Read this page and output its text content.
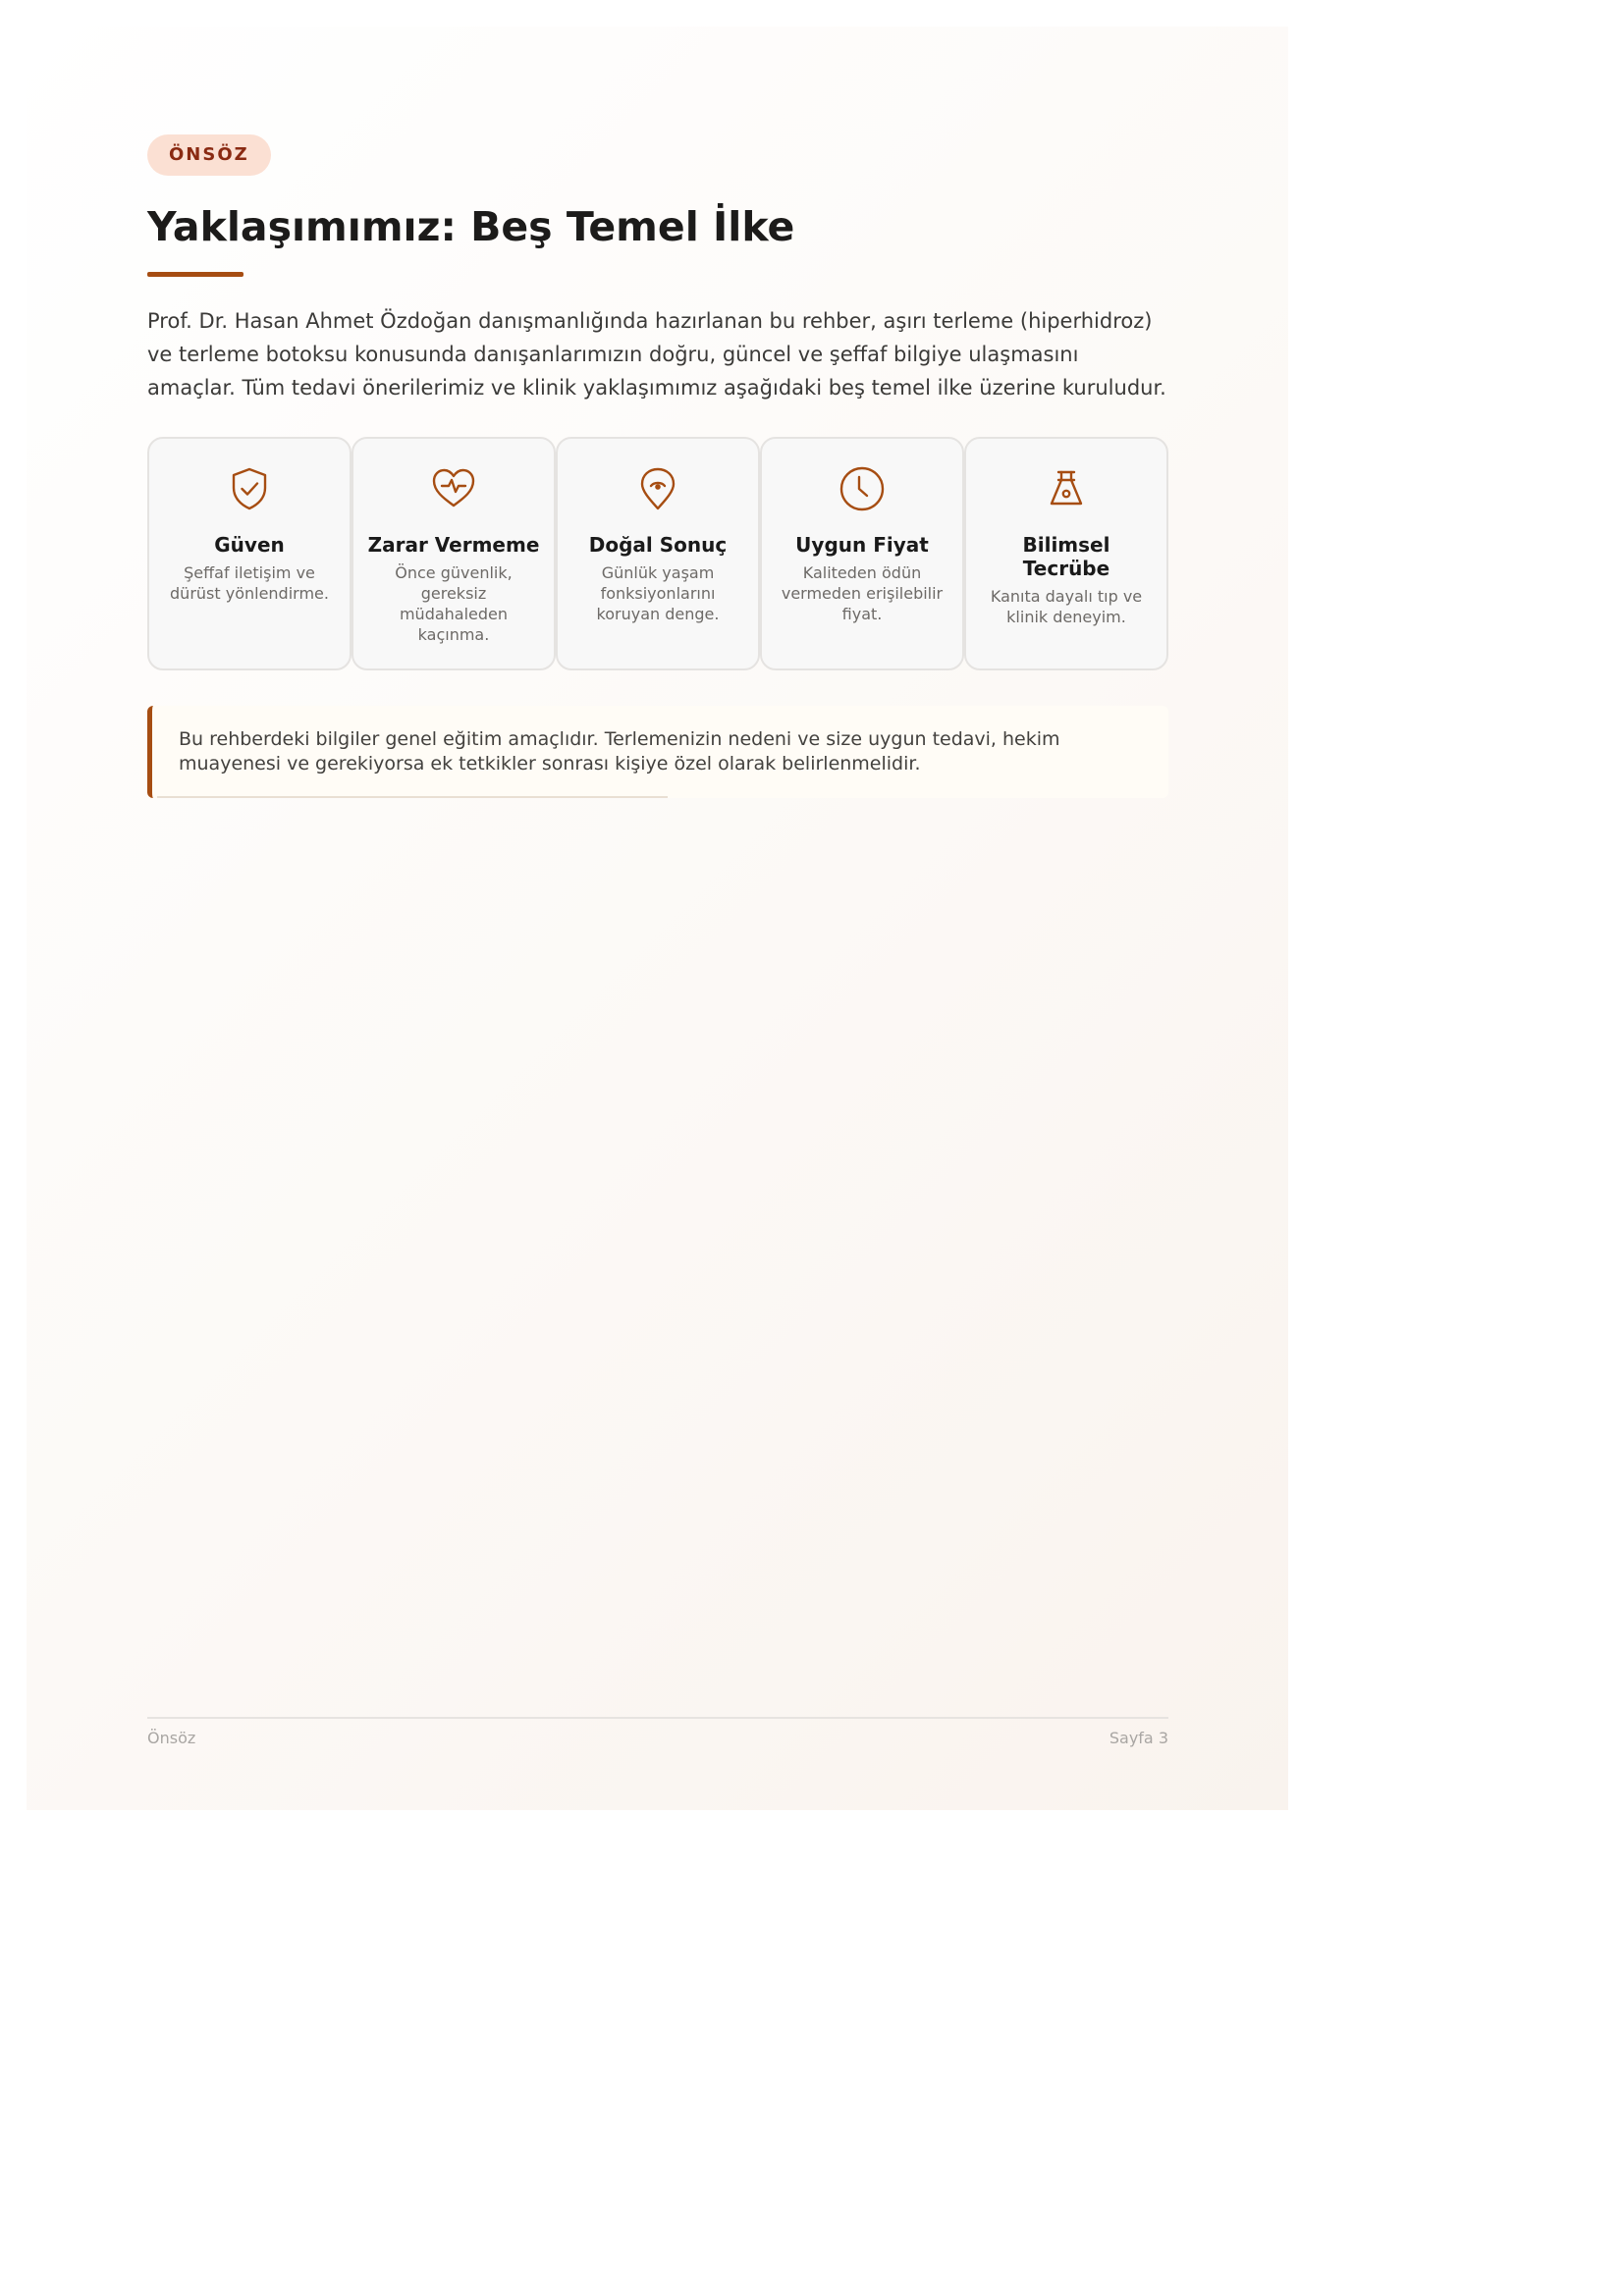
ÖNSÖZ
Yaklaşımımız: Beş Temel İlke

Prof. Dr. Hasan Ahmet Özdoğan danışmanlığında hazırlanan bu rehber, aşırı terleme (hiperhidroz) ve terleme botoksu konusunda danışanlarımızın doğru, güncel ve şeffaf bilgiye ulaşmasını amaçlar. Tüm tedavi önerilerimiz ve klinik yaklaşımımız aşağıdaki beş temel ilke üzerine kuruludur.

Güven
Şeffaf iletişim ve dürüst yönlendirme.
Zarar Vermeme
Önce güvenlik, gereksiz müdahaleden kaçınma.
Doğal Sonuç
Günlük yaşam fonksiyonlarını koruyan denge.
Uygun Fiyat
Kaliteden ödün vermeden erişilebilir fiyat.
Bilimsel Tecrübe
Kanıta dayalı tıp ve klinik deneyim.
Bu rehberdeki bilgiler genel eğitim amaçlıdır. Terlemenizin nedeni ve size uygun tedavi, hekim muayenesi ve gerekiyorsa ek tetkikler sonrası kişiye özel olarak belirlenmelidir.
Önsöz	Sayfa 3
